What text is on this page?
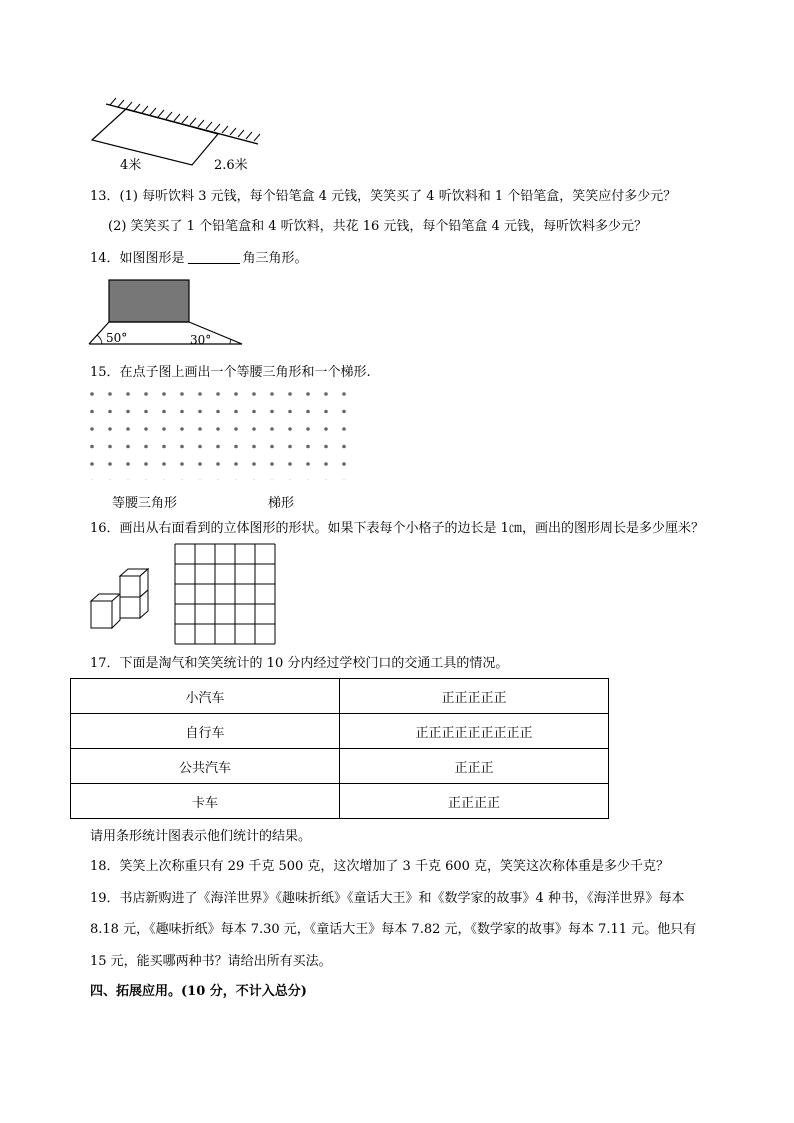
4米	2.6米
13．(1) 每听饮料 3 元钱，每个铅笔盒 4 元钱，笑笑买了 4 听饮料和 1 个铅笔盒，笑笑应付多少元？
(2) 笑笑买了 1 个铅笔盒和 4 听饮料，共花 16 元钱，每个铅笔盒 4 元钱，每听饮料多少元？
14．如图图形是	角三角形。
50°	30°
15．在点子图上画出一个等腰三角形和一个梯形.
等腰三角形	梯形
16．画出从右面看到的立体图形的形状。如果下表每个小格子的边长是 1㎝，画出的图形周长是多少厘米？
17．下面是淘气和笑笑统计的 10 分内经过学校门口的交通工具的情况。
小汽车	正正正正正
自行车	正正正正正正正正正
公共汽车	正正正
卡车	正正正正
请用条形统计图表示他们统计的结果。
18．笑笑上次称重只有 29 千克 500 克，这次增加了 3 千克 600 克，笑笑这次称体重是多少千克？
19．书店新购进了《海洋世界》《趣味折纸》《童话大王》和《数学家的故事》4 种书，《海洋世界》每本
8.18 元，《趣味折纸》每本 7.30 元，《童话大王》每本 7.82 元，《数学家的故事》每本 7.11 元。他只有
15 元，能买哪两种书？请给出所有买法。
四、拓展应用。(10 分，不计入总分)
